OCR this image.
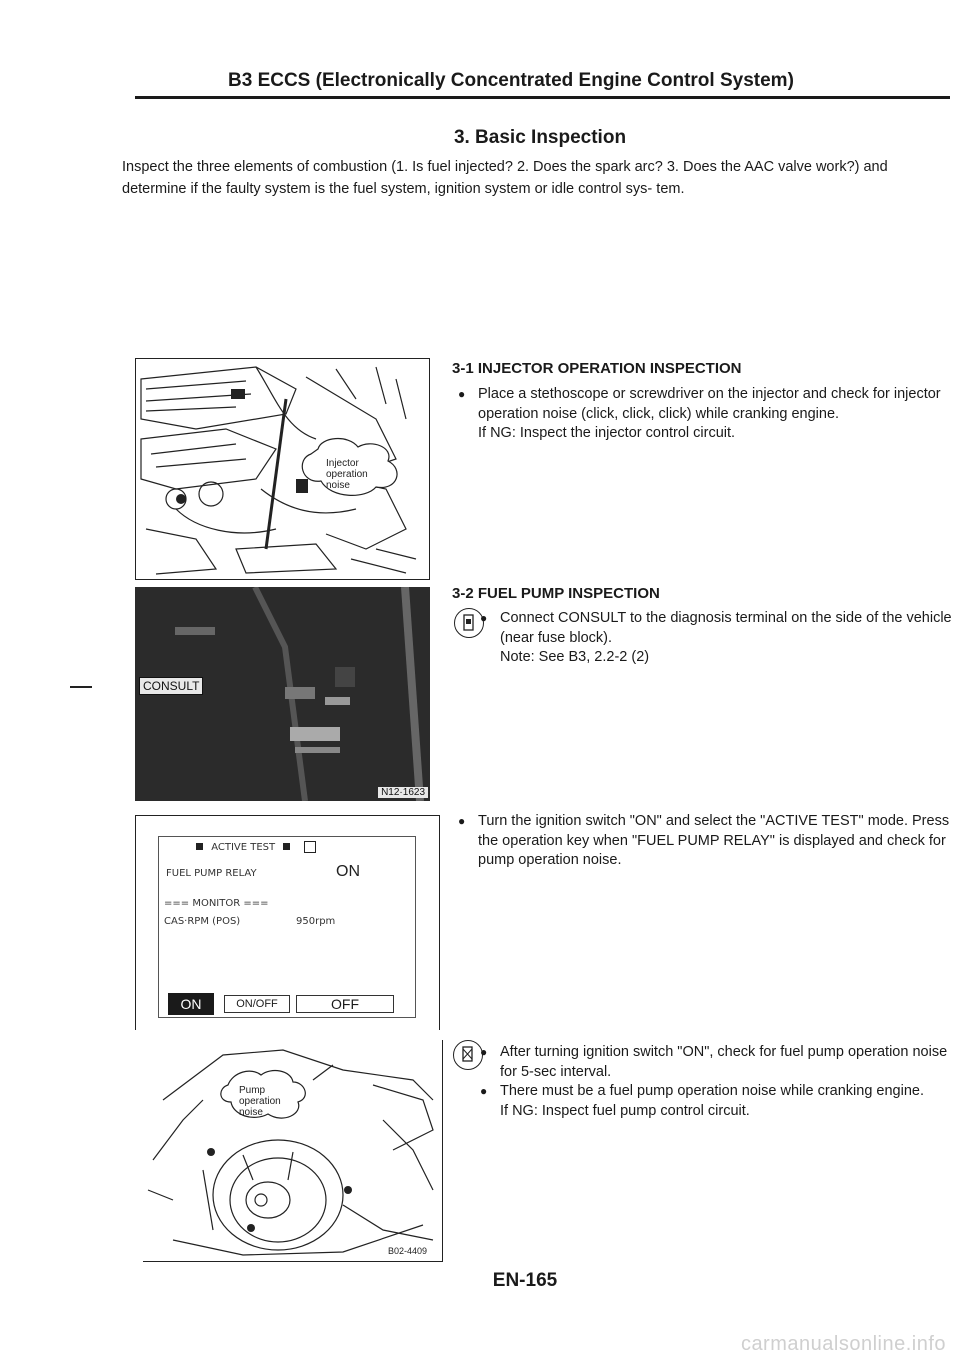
B3 ECCS (Electronically Concentrated Engine Control System)
3. Basic Inspection
Inspect the three elements of combustion (1. Is fuel injected? 2. Does the spark arc? 3. Does the AAC valve work?) and determine if the faulty system is the fuel system, ignition system or idle control sys- tem.
Injector
operation
noise
CONSULT
N12·1623
ACTIVE TEST
FUEL PUMP RELAY	ON
=== MONITOR ===
CAS·RPM (POS)	950rpm
ON	ON/OFF	OFF
Pump
operation
noise
B02-4409
3-1 INJECTOR OPERATION INSPECTION
● Place a stethoscope or screwdriver on the injector and check for injector operation noise (click, click, click) while cranking engine.
If NG: Inspect the injector control circuit.
3-2 FUEL PUMP INSPECTION
● Connect CONSULT to the diagnosis terminal on the side of the vehicle (near fuse block).
Note: See B3, 2.2-2 (2)
● Turn the ignition switch "ON" and select the "ACTIVE TEST" mode. Press the operation key when "FUEL PUMP RELAY" is displayed and check for pump operation noise.
● After turning ignition switch "ON", check for fuel pump operation noise for 5-sec interval.
● There must be a fuel pump operation noise while cranking engine.
If NG: Inspect fuel pump control circuit.
EN-165
carmanualsonline.info
